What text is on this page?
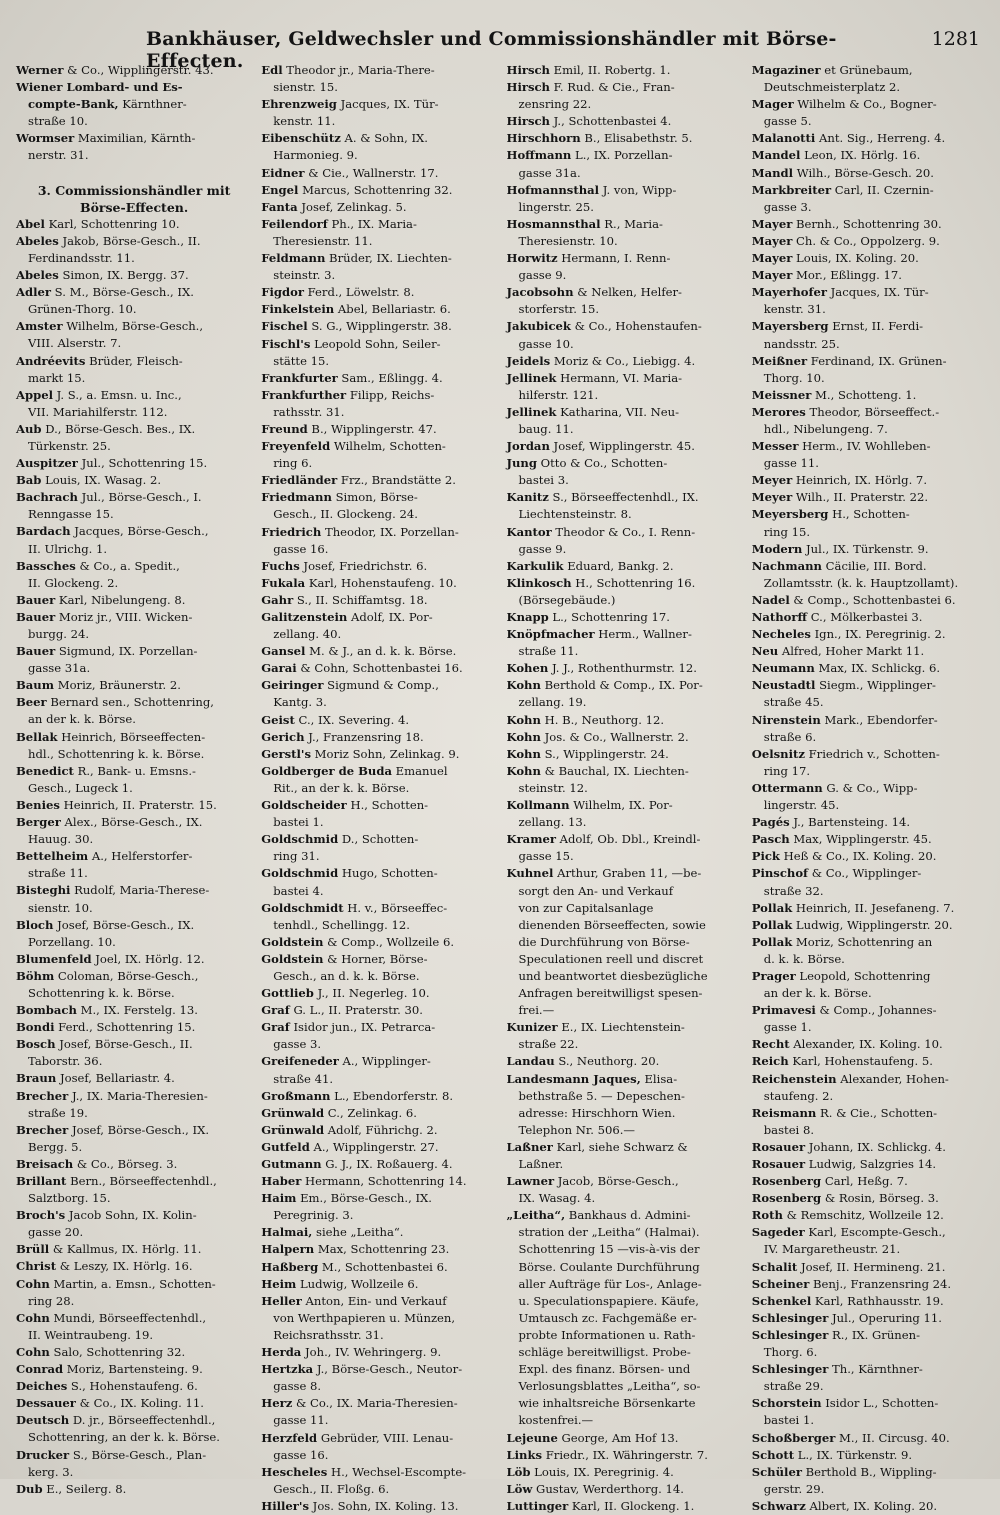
Bankhäuser, Geldwechsler und Commissionshändler mit Börse-Effecten.
1281
Werner & Co., Wipplingerstr. 43.
Wiener Lombard- und Es-
compte-Bank, Kärnthner-
straße 10.
Wormser Maximilian, Kärnth-
nerstr. 31.
3. Commissionshändler mit
Börse-Effecten.
Abel Karl, Schottenring 10.
Abeles Jakob, Börse-Gesch., II.
Ferdinandsstr. 11.
Abeles Simon, IX. Bergg. 37.
Adler S. M., Börse-Gesch., IX.
Grünen-Thorg. 10.
Amster Wilhelm, Börse-Gesch.,
VIII. Alserstr. 7.
Andréevits Brüder, Fleisch-
markt 15.
Appel J. S., a. Emsn. u. Inc.,
VII. Mariahilferstr. 112.
Aub D., Börse-Gesch. Bes., IX.
Türkenstr. 25.
Auspitzer Jul., Schottenring 15.
Bab Louis, IX. Wasag. 2.
Bachrach Jul., Börse-Gesch., I.
Renngasse 15.
Bardach Jacques, Börse-Gesch.,
II. Ulrichg. 1.
Bassches & Co., a. Spedit.,
II. Glockeng. 2.
Bauer Karl, Nibelungeng. 8.
Bauer Moriz jr., VIII. Wicken-
burgg. 24.
Bauer Sigmund, IX. Porzellan-
gasse 31a.
Baum Moriz, Bräunerstr. 2.
Beer Bernard sen., Schottenring,
an der k. k. Börse.
Bellak Heinrich, Börseeffecten-
hdl., Schottenring k. k. Börse.
Benedict R., Bank- u. Emsns.-
Gesch., Lugeck 1.
Benies Heinrich, II. Praterstr. 15.
Berger Alex., Börse-Gesch., IX.
Hauug. 30.
Bettelheim A., Helferstorfer-
straße 11.
Bisteghi Rudolf, Maria-Therese-
sienstr. 10.
Bloch Josef, Börse-Gesch., IX.
Porzellang. 10.
Blumenfeld Joel, IX. Hörlg. 12.
Böhm Coloman, Börse-Gesch.,
Schottenring k. k. Börse.
Bombach M., IX. Ferstelg. 13.
Bondi Ferd., Schottenring 15.
Bosch Josef, Börse-Gesch., II.
Taborstr. 36.
Braun Josef, Bellariastr. 4.
Brecher J., IX. Maria-Theresien-
straße 19.
Brecher Josef, Börse-Gesch., IX.
Bergg. 5.
Breisach & Co., Börseg. 3.
Brillant Bern., Börseeffectenhdl.,
Salztborg. 15.
Broch's Jacob Sohn, IX. Kolin-
gasse 20.
Brüll & Kallmus, IX. Hörlg. 11.
Christ & Leszy, IX. Hörlg. 16.
Cohn Martin, a. Emsn., Schotten-
ring 28.
Cohn Mundi, Börseeffectenhdl.,
II. Weintraubeng. 19.
Cohn Salo, Schottenring 32.
Conrad Moriz, Bartensteing. 9.
Deiches S., Hohenstaufeng. 6.
Dessauer & Co., IX. Koling. 11.
Deutsch D. jr., Börseeffectenhdl.,
Schottenring, an der k. k. Börse.
Drucker S., Börse-Gesch., Plan-
kerg. 3.
Dub E., Seilerg. 8.
Edl Theodor jr., Maria-There-
sienstr. 15.
Ehrenzweig Jacques, IX. Tür-
kenstr. 11.
Eibenschütz A. & Sohn, IX.
Harmonieg. 9.
Eidner & Cie., Wallnerstr. 17.
Engel Marcus, Schottenring 32.
Fanta Josef, Zelinkag. 5.
Feilendorf Ph., IX. Maria-
Theresienstr. 11.
Feldmann Brüder, IX. Liechten-
steinstr. 3.
Figdor Ferd., Löwelstr. 8.
Finkelstein Abel, Bellariastr. 6.
Fischel S. G., Wipplingerstr. 38.
Fischl's Leopold Sohn, Seiler-
stätte 15.
Frankfurter Sam., Eßlingg. 4.
Frankfurther Filipp, Reichs-
rathsstr. 31.
Freund B., Wipplingerstr. 47.
Freyenfeld Wilhelm, Schotten-
ring 6.
Friedländer Frz., Brandstätte 2.
Friedmann Simon, Börse-
Gesch., II. Glockeng. 24.
Friedrich Theodor, IX. Porzellan-
gasse 16.
Fuchs Josef, Friedrichstr. 6.
Fukala Karl, Hohenstaufeng. 10.
Gahr S., II. Schiffamtsg. 18.
Galitzenstein Adolf, IX. Por-
zellang. 40.
Gansel M. & J., an d. k. k. Börse.
Garai & Cohn, Schottenbastei 16.
Geiringer Sigmund & Comp.,
Kantg. 3.
Geist C., IX. Severing. 4.
Gerich J., Franzensring 18.
Gerstl's Moriz Sohn, Zelinkag. 9.
Goldberger de Buda Emanuel
Rit., an der k. k. Börse.
Goldscheider H., Schotten-
bastei 1.
Goldschmid D., Schotten-
ring 31.
Goldschmid Hugo, Schotten-
bastei 4.
Goldschmidt H. v., Börseeffec-
tenhdl., Schellingg. 12.
Goldstein & Comp., Wollzeile 6.
Goldstein & Horner, Börse-
Gesch., an d. k. k. Börse.
Gottlieb J., II. Negerleg. 10.
Graf G. L., II. Praterstr. 30.
Graf Isidor jun., IX. Petrarca-
gasse 3.
Greifeneder A., Wipplinger-
straße 41.
Großmann L., Ebendorferstr. 8.
Grünwald C., Zelinkag. 6.
Grünwald Adolf, Führichg. 2.
Gutfeld A., Wipplingerstr. 27.
Gutmann G. J., IX. Roßauerg. 4.
Haber Hermann, Schottenring 14.
Haim Em., Börse-Gesch., IX.
Peregrinig. 3.
Halmai, siehe „Leitha“.
Halpern Max, Schottenring 23.
Haßberg M., Schottenbastei 6.
Heim Ludwig, Wollzeile 6.
Heller Anton, Ein- und Verkauf
von Werthpapieren u. Münzen,
Reichsrathsstr. 31.
Herda Joh., IV. Wehringerg. 9.
Hertzka J., Börse-Gesch., Neutor-
gasse 8.
Herz & Co., IX. Maria-Theresien-
gasse 11.
Herzfeld Gebrüder, VIII. Lenau-
gasse 16.
Hescheles H., Wechsel-Escompte-
Gesch., II. Floßg. 6.
Hiller's Jos. Sohn, IX. Koling. 13.
Hirsch Emil, II. Robertg. 1.
Hirsch F. Rud. & Cie., Fran-
zensring 22.
Hirsch J., Schottenbastei 4.
Hirschhorn B., Elisabethstr. 5.
Hoffmann L., IX. Porzellan-
gasse 31a.
Hofmannsthal J. von, Wipp-
lingerstr. 25.
Hosmannsthal R., Maria-
Theresienstr. 10.
Horwitz Hermann, I. Renn-
gasse 9.
Jacobsohn & Nelken, Helfer-
storferstr. 15.
Jakubicek & Co., Hohenstaufen-
gasse 10.
Jeidels Moriz & Co., Liebigg. 4.
Jellinek Hermann, VI. Maria-
hilferstr. 121.
Jellinek Katharina, VII. Neu-
baug. 11.
Jordan Josef, Wipplingerstr. 45.
Jung Otto & Co., Schotten-
bastei 3.
Kanitz S., Börseeffectenhdl., IX.
Liechtensteinstr. 8.
Kantor Theodor & Co., I. Renn-
gasse 9.
Karkulik Eduard, Bankg. 2.
Klinkosch H., Schottenring 16.
(Börsegebäude.)
Knapp L., Schottenring 17.
Knöpfmacher Herm., Wallner-
straße 11.
Kohen J. J., Rothenthurmstr. 12.
Kohn Berthold & Comp., IX. Por-
zellang. 19.
Kohn H. B., Neuthorg. 12.
Kohn Jos. & Co., Wallnerstr. 2.
Kohn S., Wipplingerstr. 24.
Kohn & Bauchal, IX. Liechten-
steinstr. 12.
Kollmann Wilhelm, IX. Por-
zellang. 13.
Kramer Adolf, Ob. Dbl., Kreindl-
gasse 15.
Kuhnel Arthur, Graben 11, —be-
sorgt den An- und Verkauf
von zur Capitalsanlage
dienenden Börseeffecten, sowie
die Durchführung von Börse-
Speculationen reell und discret
und beantwortet diesbezügliche
Anfragen bereitwilligst spesen-
frei.—
Kunizer E., IX. Liechtenstein-
straße 22.
Landau S., Neuthorg. 20.
Landesmann Jaques, Elisa-
bethstraße 5. — Depeschen-
adresse: Hirschhorn Wien.
Telephon Nr. 506.—
Laßner Karl, siehe Schwarz &
Laßner.
Lawner Jacob, Börse-Gesch.,
IX. Wasag. 4.
„Leitha“, Bankhaus d. Admini-
stration der „Leitha“ (Halmai).
Schottenring 15 —vis-à-vis der
Börse. Coulante Durchführung
aller Aufträge für Los-, Anlage-
u. Speculationspapiere. Käufe,
Umtausch zc. Fachgemäße er-
probte Informationen u. Rath-
schläge bereitwilligst. Probe-
Expl. des finanz. Börsen- und
Verlosungsblattes „Leitha“, so-
wie inhaltsreiche Börsenkarte
kostenfrei.—
Lejeune George, Am Hof 13.
Links Friedr., IX. Währingerstr. 7.
Löb Louis, IX. Peregrinig. 4.
Löw Gustav, Werderthorg. 14.
Luttinger Karl, II. Glockeng. 1.
Magaziner et Grünebaum,
Deutschmeisterplatz 2.
Mager Wilhelm & Co., Bogner-
gasse 5.
Malanotti Ant. Sig., Herreng. 4.
Mandel Leon, IX. Hörlg. 16.
Mandl Wilh., Börse-Gesch. 20.
Markbreiter Carl, II. Czernin-
gasse 3.
Mayer Bernh., Schottenring 30.
Mayer Ch. & Co., Oppolzerg. 9.
Mayer Louis, IX. Koling. 20.
Mayer Mor., Eßlingg. 17.
Mayerhofer Jacques, IX. Tür-
kenstr. 31.
Mayersberg Ernst, II. Ferdi-
nandsstr. 25.
Meißner Ferdinand, IX. Grünen-
Thorg. 10.
Meissner M., Schotteng. 1.
Merores Theodor, Börseeffect.-
hdl., Nibelungeng. 7.
Messer Herm., IV. Wohlleben-
gasse 11.
Meyer Heinrich, IX. Hörlg. 7.
Meyer Wilh., II. Praterstr. 22.
Meyersberg H., Schotten-
ring 15.
Modern Jul., IX. Türkenstr. 9.
Nachmann Cäcilie, III. Bord.
Zollamtsstr. (k. k. Hauptzollamt).
Nadel & Comp., Schottenbastei 6.
Nathorff C., Mölkerbastei 3.
Necheles Ign., IX. Peregrinig. 2.
Neu Alfred, Hoher Markt 11.
Neumann Max, IX. Schlickg. 6.
Neustadtl Siegm., Wipplinger-
straße 45.
Nirenstein Mark., Ebendorfer-
straße 6.
Oelsnitz Friedrich v., Schotten-
ring 17.
Ottermann G. & Co., Wipp-
lingerstr. 45.
Pagés J., Bartensteing. 14.
Pasch Max, Wipplingerstr. 45.
Pick Heß & Co., IX. Koling. 20.
Pinschof & Co., Wipplinger-
straße 32.
Pollak Heinrich, II. Jesefaneng. 7.
Pollak Ludwig, Wipplingerstr. 20.
Pollak Moriz, Schottenring an
d. k. k. Börse.
Prager Leopold, Schottenring
an der k. k. Börse.
Primavesi & Comp., Johannes-
gasse 1.
Recht Alexander, IX. Koling. 10.
Reich Karl, Hohenstaufeng. 5.
Reichenstein Alexander, Hohen-
staufeng. 2.
Reismann R. & Cie., Schotten-
bastei 8.
Rosauer Johann, IX. Schlickg. 4.
Rosauer Ludwig, Salzgries 14.
Rosenberg Carl, Heßg. 7.
Rosenberg & Rosin, Börseg. 3.
Roth & Remschitz, Wollzeile 12.
Sageder Karl, Escompte-Gesch.,
IV. Margaretheustr. 21.
Schalit Josef, II. Hermineng. 21.
Scheiner Benj., Franzensring 24.
Schenkel Karl, Rathhausstr. 19.
Schlesinger Jul., Operuring 11.
Schlesinger R., IX. Grünen-
Thorg. 6.
Schlesinger Th., Kärnthner-
straße 29.
Schorstein Isidor L., Schotten-
bastei 1.
Schoßberger M., II. Circusg. 40.
Schott L., IX. Türkenstr. 9.
Schüler Berthold B., Wippling-
gerstr. 29.
Schwarz Albert, IX. Koling. 20.
